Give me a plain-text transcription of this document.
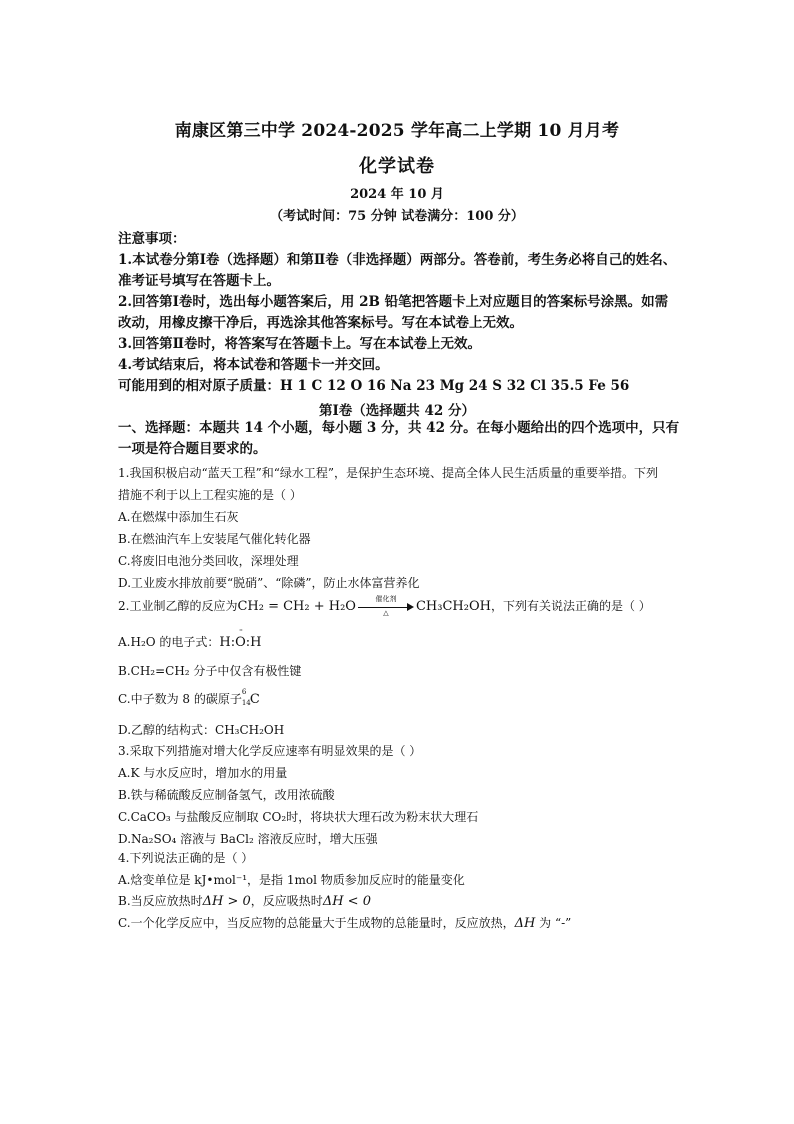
南康区第三中学 2024-2025 学年高二上学期 10 月月考
化学试卷
2024 年 10 月
（考试时间：75 分钟 试卷满分：100 分）
注意事项：
1.本试卷分第Ⅰ卷（选择题）和第Ⅱ卷（非选择题）两部分。答卷前，考生务必将自己的姓名、
准考证号填写在答题卡上。
2.回答第Ⅰ卷时，选出每小题答案后，用 2B 铅笔把答题卡上对应题目的答案标号涂黑。如需
改动，用橡皮擦干净后，再选涂其他答案标号。写在本试卷上无效。
3.回答第Ⅱ卷时，将答案写在答题卡上。写在本试卷上无效。
4.考试结束后，将本试卷和答题卡一并交回。
可能用到的相对原子质量：H 1 C 12 O 16 Na 23 Mg 24 S 32 Cl 35.5 Fe 56
第Ⅰ卷（选择题共 42 分）
一、选择题：本题共 14 个小题，每小题 3 分，共 42 分。在每小题给出的四个选项中，只有
一项是符合题目要求的。
1.我国积极启动“蓝天工程”和“绿水工程”，是保护生态环境、提高全体人民生活质量的重要举措。下列
措施不利于以上工程实施的是（ ）
A.在燃煤中添加生石灰
B.在燃油汽车上安装尾气催化转化器
C.将废旧电池分类回收，深埋处理
D.工业废水排放前要“脱硝”、“除磷”，防止水体富营养化
2.工业制乙醇的反应为CH₂ = CH₂ + H₂O
催化剂
△	CH₃CH₂OH，下列有关说法正确的是（ ）
A.H₂O 的电子式：
··
H:O:H
B.CH₂=CH₂ 分子中仅含有极性键
C.中子数为 8 的碳原子
6
14 C
D.乙醇的结构式：CH₃CH₂OH
3.采取下列措施对增大化学反应速率有明显效果的是（ ）
A.K 与水反应时，增加水的用量
B.铁与稀硫酸反应制备氢气，改用浓硫酸
C.CaCO₃ 与盐酸反应制取 CO₂时，将块状大理石改为粉末状大理石
D.Na₂SO₄ 溶液与 BaCl₂ 溶液反应时，增大压强
4.下列说法正确的是（ ）
A.焓变单位是 kJ•mol⁻¹，是指 1mol 物质参加反应时的能量变化
B.当反应放热时ΔH > 0，反应吸热时ΔH < 0
C.一个化学反应中，当反应物的总能量大于生成物的总能量时，反应放热，ΔH 为 “-”
